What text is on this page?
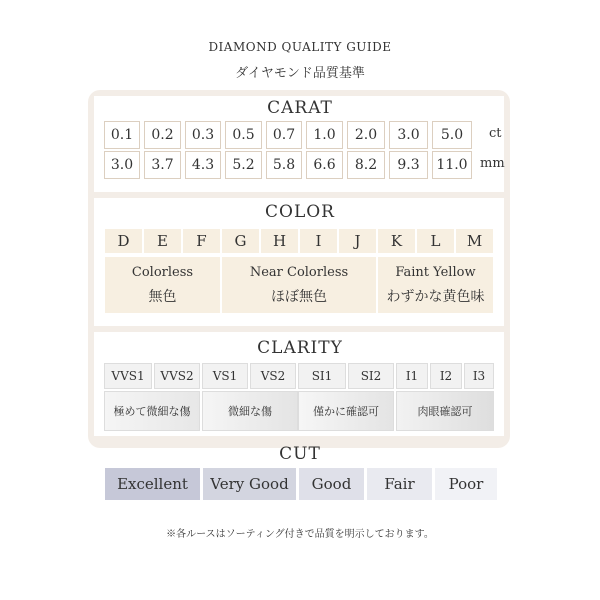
DIAMOND QUALITY GUIDE
ダイヤモンド品質基準
CARAT
0.1	0.2	0.3	0.5	0.7	1.0	2.0	3.0	5.0
3.0	3.7	4.3	5.2	5.8	6.6	8.2	9.3	11.0
ct
mm
COLOR
D	E	F	G	H	I	J	K	L	M
Colorless
無色
Near Colorless
ほぼ無色
Faint Yellow
わずかな黄色味
CLARITY
VVS1	VVS2	VS1	VS2	SI1	SI2	I1	I2	I3
極めて微細な傷	微細な傷	僅かに確認可	肉眼確認可
CUT
Excellent	Very Good	Good	Fair	Poor
※各ルースはソーティング付きで品質を明示しております。
